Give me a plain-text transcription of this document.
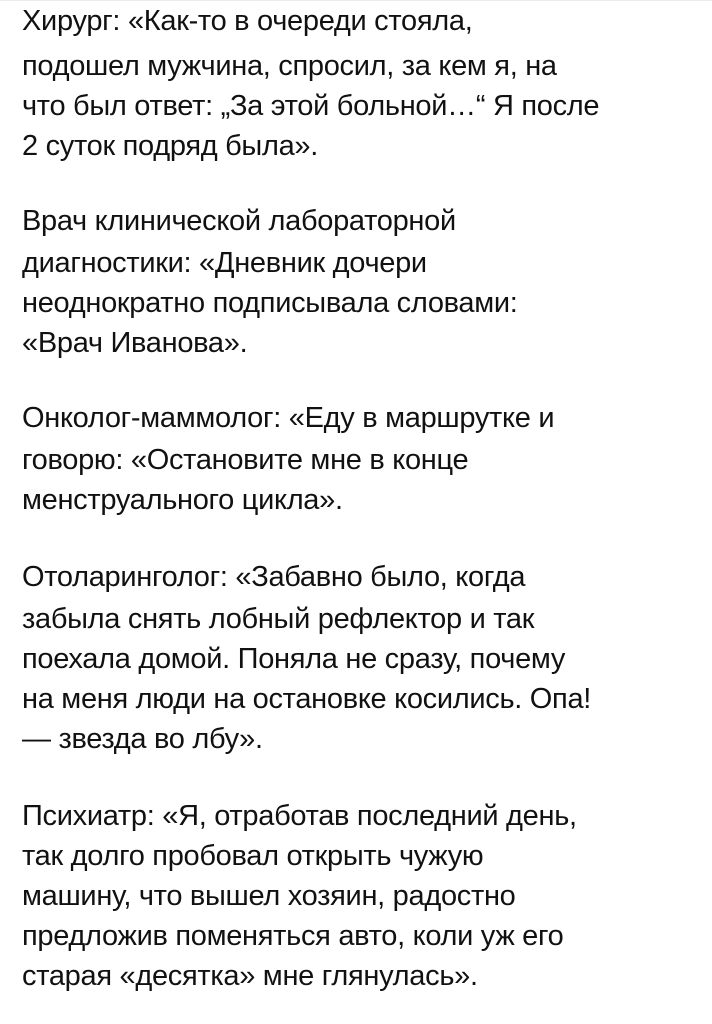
Хирург: «Как-то в очереди стояла,
подошел мужчина, спросил, за кем я, на
что был ответ: „За этой больной…“ Я после
2 суток подряд была».
Врач клинической лабораторной
диагностики: «Дневник дочери
неоднократно подписывала словами:
«Врач Иванова».
Онколог-маммолог: «Еду в маршрутке и
говорю: «Остановите мне в конце
менструального цикла».
Отоларинголог: «Забавно было, когда
забыла снять лобный рефлектор и так
поехала домой. Поняла не сразу, почему
на меня люди на остановке косились. Опа!
— звезда во лбу».
Психиатр: «Я, отработав последний день,
так долго пробовал открыть чужую
машину, что вышел хозяин, радостно
предложив поменяться авто, коли уж его
старая «десятка» мне глянулась».
